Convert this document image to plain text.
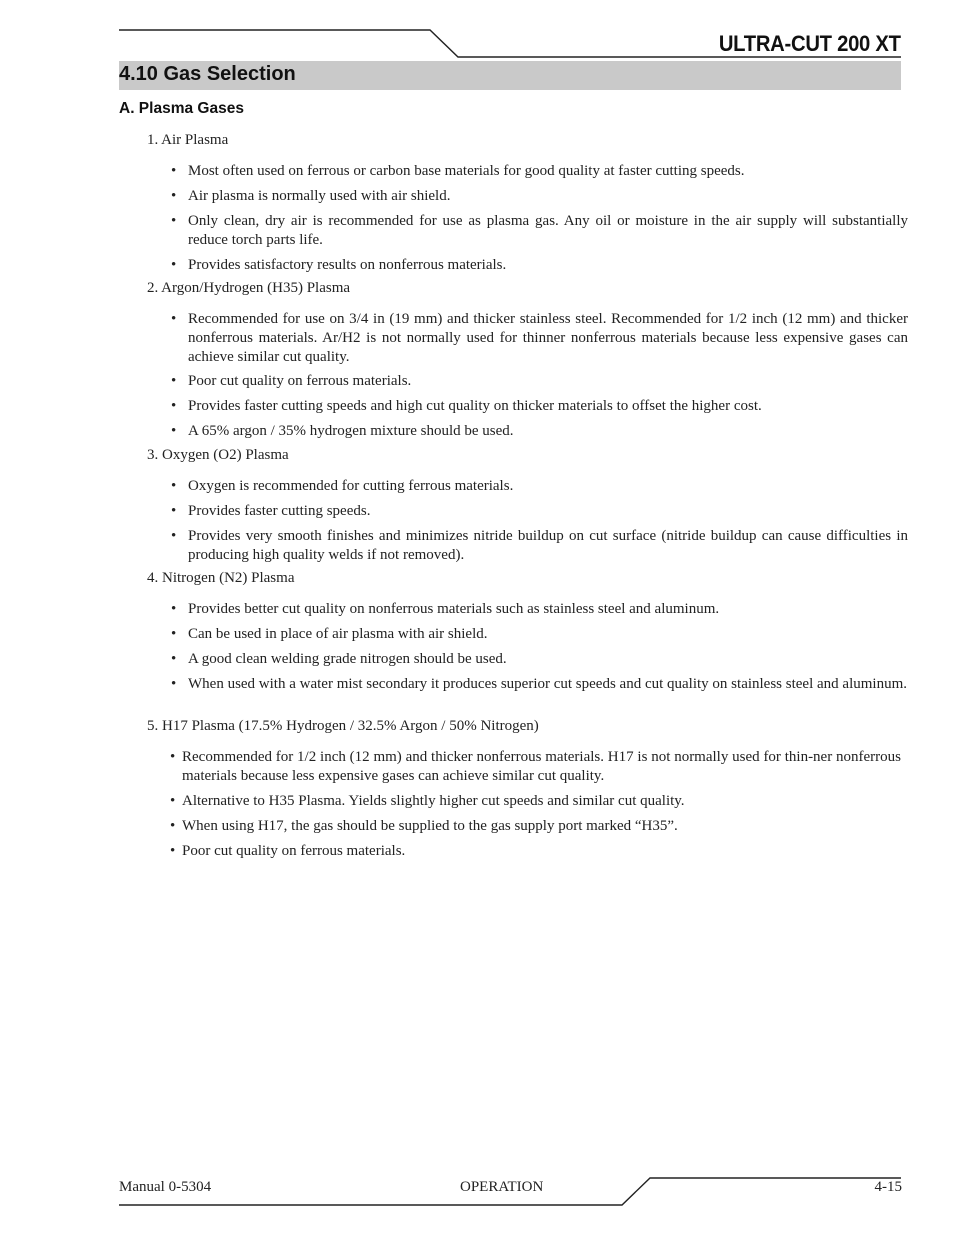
ULTRA-CUT 200 XT
4.10 Gas Selection
A. Plasma Gases
1. Air Plasma
• Most often used on ferrous or carbon base materials for good quality at faster cutting speeds.
• Air plasma is normally used with air shield.
• Only clean, dry air is recommended for use as plasma gas. Any oil or moisture in the air supply will substantially reduce torch parts life.
• Provides satisfactory results on nonferrous materials.
2. Argon/Hydrogen (H35) Plasma
• Recommended for use on 3/4 in (19 mm) and thicker stainless steel. Recommended for 1/2 inch (12 mm) and thicker nonferrous materials. Ar/H2 is not normally used for thinner nonferrous materials because less expensive gases can achieve similar cut quality.
• Poor cut quality on ferrous materials.
• Provides faster cutting speeds and high cut quality on thicker materials to offset the higher cost.
• A 65% argon / 35% hydrogen mixture should be used.
3. Oxygen (O2) Plasma
• Oxygen is recommended for cutting ferrous materials.
• Provides faster cutting speeds.
• Provides very smooth finishes and minimizes nitride buildup on cut surface (nitride buildup can cause difficulties in producing high quality welds if not removed).
4. Nitrogen (N2) Plasma
• Provides better cut quality on nonferrous materials such as stainless steel and aluminum.
• Can be used in place of air plasma with air shield.
• A good clean welding grade nitrogen should be used.
• When used with a water mist secondary it produces superior cut speeds and cut quality on stainless steel and aluminum.
5. H17 Plasma (17.5% Hydrogen / 32.5% Argon / 50% Nitrogen)
• Recommended for 1/2 inch (12 mm) and thicker nonferrous materials. H17 is not normally used for thin-ner nonferrous materials because less expensive gases can achieve similar cut quality.
• Alternative to H35 Plasma. Yields slightly higher cut speeds and similar cut quality.
• When using H17, the gas should be supplied to the gas supply port marked “H35”.
• Poor cut quality on ferrous materials.
Manual 0-5304	OPERATION	4-15
